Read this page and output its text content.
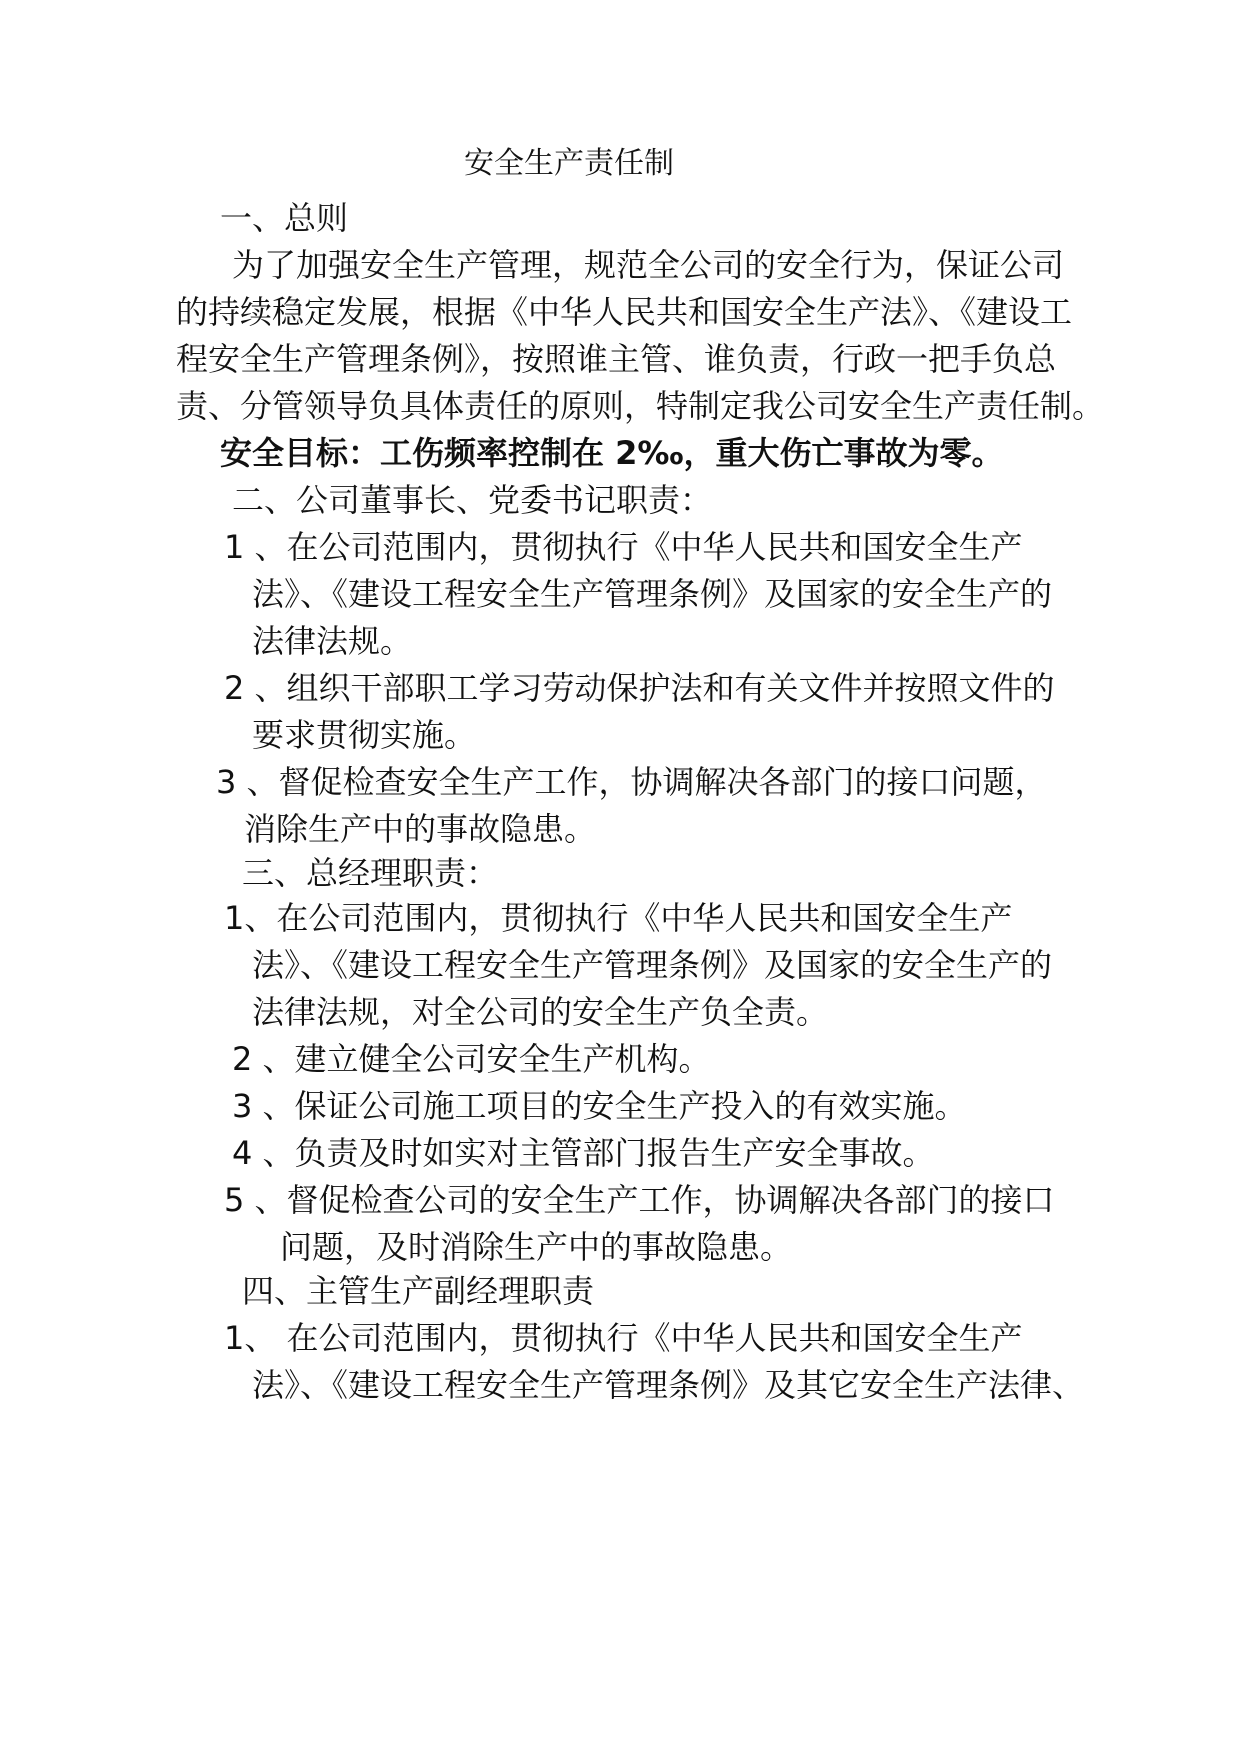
安全生产责任制
一、总则
为了加强安全生产管理，规范全公司的安全行为，保证公司
的持续稳定发展，根据《中华人民共和国安全生产法》、《建设工
程安全生产管理条例》，按照谁主管、谁负责，行政一把手负总
责、分管领导负具体责任的原则，特制定我公司安全生产责任制。
安全目标：工伤频率控制在 2‰，重大伤亡事故为零。
二、公司董事长、党委书记职责：
1 、在公司范围内，贯彻执行《中华人民共和国安全生产
法》、《建设工程安全生产管理条例》及国家的安全生产的
法律法规。
2 、组织干部职工学习劳动保护法和有关文件并按照文件的
要求贯彻实施。
3 、督促检查安全生产工作，协调解决各部门的接口问题，
消除生产中的事故隐患。
三、总经理职责：
1、在公司范围内，贯彻执行《中华人民共和国安全生产
法》、《建设工程安全生产管理条例》及国家的安全生产的
法律法规，对全公司的安全生产负全责。
2 、建立健全公司安全生产机构。
3 、保证公司施工项目的安全生产投入的有效实施。
4 、负责及时如实对主管部门报告生产安全事故。
5 、督促检查公司的安全生产工作，协调解决各部门的接口
问题，及时消除生产中的事故隐患。
四、主管生产副经理职责
1、 在公司范围内，贯彻执行《中华人民共和国安全生产
法》、《建设工程安全生产管理条例》及其它安全生产法律、
